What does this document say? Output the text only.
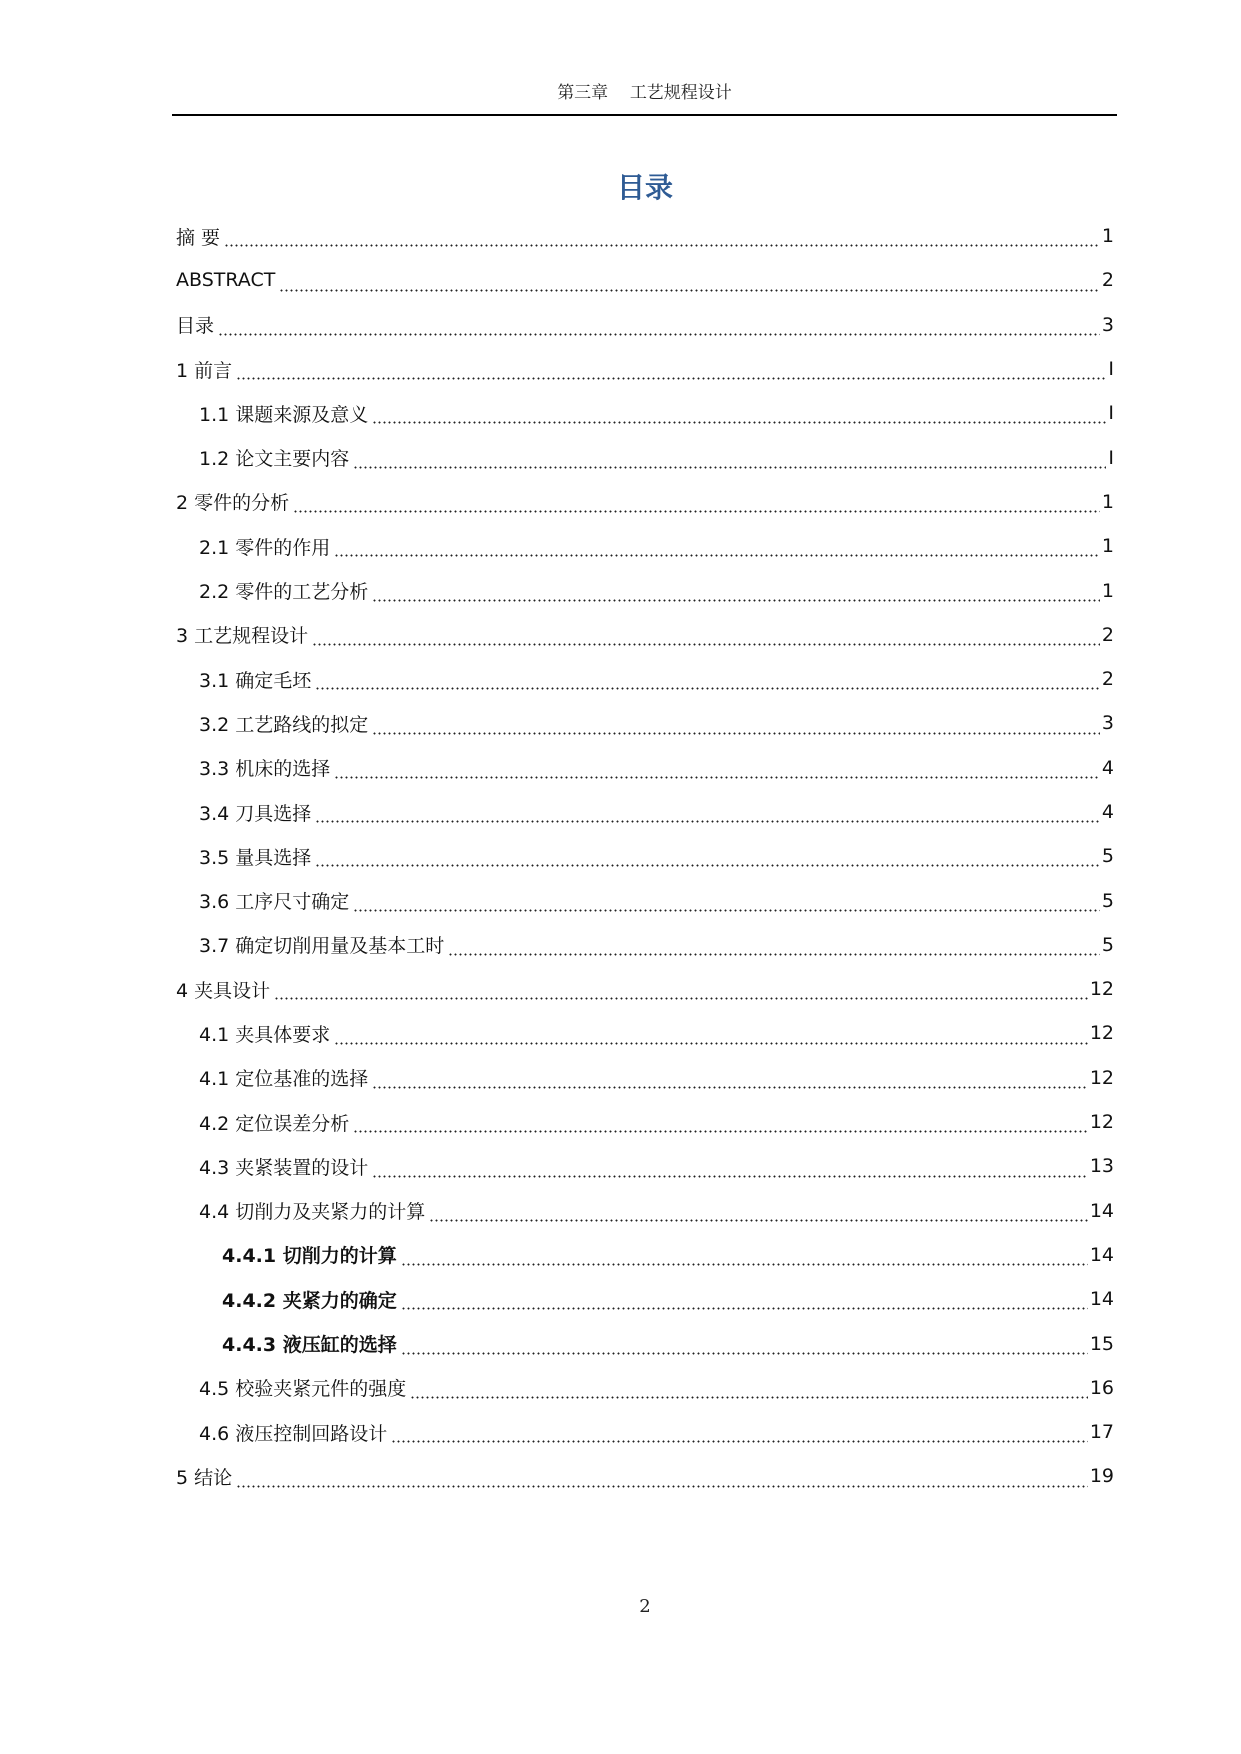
第三章 工艺规程设计
目录
摘 要	1
ABSTRACT	2
目录	3
1 前言	I
1.1 课题来源及意义	I
1.2 论文主要内容	I
2 零件的分析	1
2.1 零件的作用	1
2.2 零件的工艺分析	1
3 工艺规程设计	2
3.1 确定毛坯	2
3.2 工艺路线的拟定	3
3.3 机床的选择	4
3.4 刀具选择	4
3.5 量具选择	5
3.6 工序尺寸确定	5
3.7 确定切削用量及基本工时	5
4 夹具设计	12
4.1 夹具体要求	12
4.1 定位基准的选择	12
4.2 定位误差分析	12
4.3 夹紧装置的设计	13
4.4 切削力及夹紧力的计算	14
4.4.1 切削力的计算	14
4.4.2 夹紧力的确定	14
4.4.3 液压缸的选择	15
4.5 校验夹紧元件的强度	16
4.6 液压控制回路设计	17
5 结论	19
2
